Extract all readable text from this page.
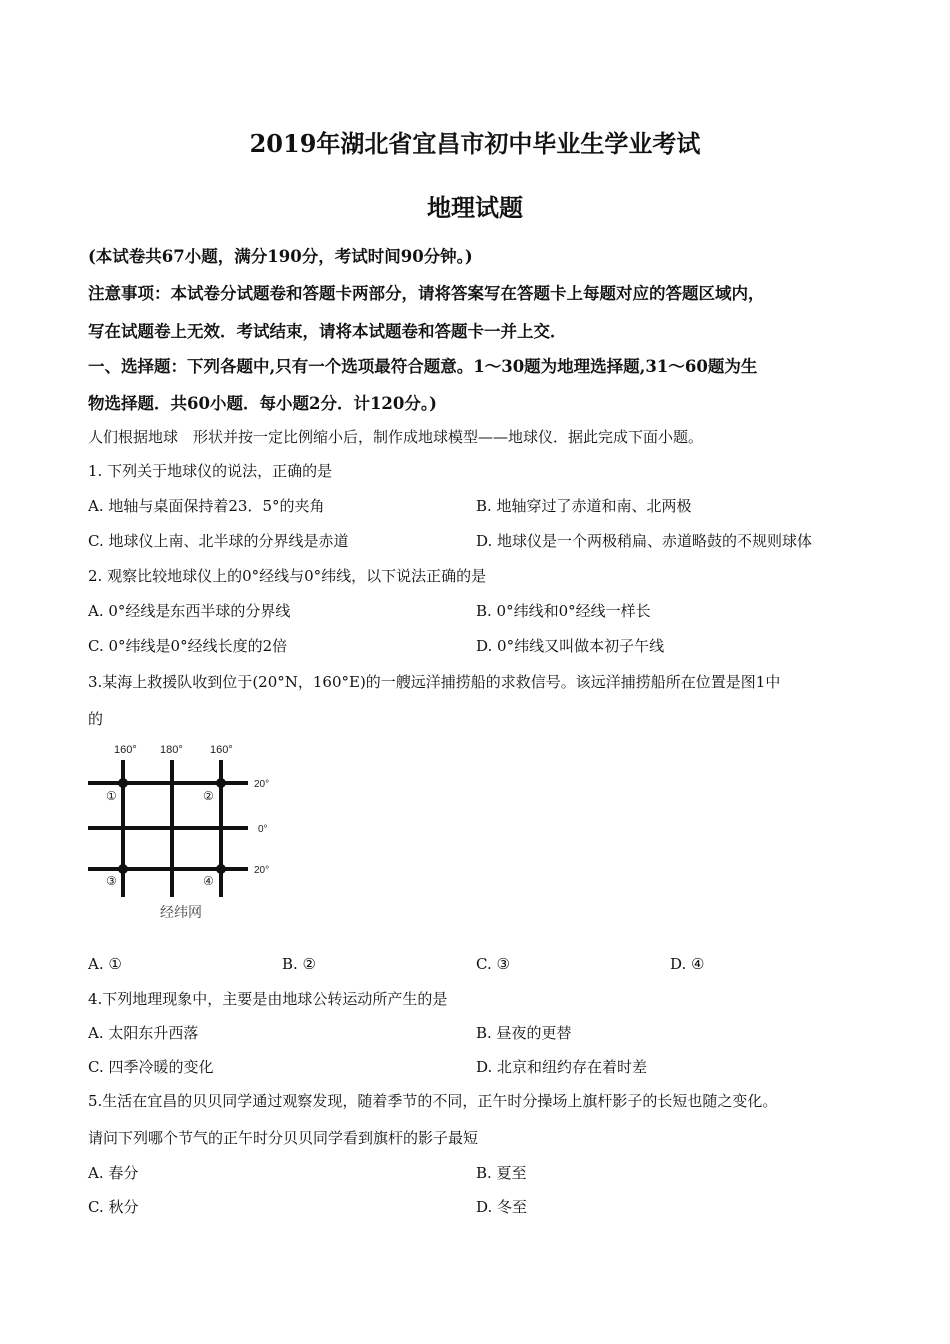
2019年湖北省宜昌市初中毕业生学业考试
地理试题
(本试卷共67小题，满分190分，考试时间90分钟。)
注意事项：本试卷分试题卷和答题卡两部分，请将答案写在答题卡上每题对应的答题区域内，
写在试题卷上无效．考试结束，请将本试题卷和答题卡一并上交．
一、选择题：下列各题中,只有一个选项最符合题意。1～30题为地理选择题,31～60题为生
物选择题．共60小题．每小题2分．计120分。)
人们根据地球　形状并按一定比例缩小后，制作成地球模型——地球仪．据此完成下面小题。
1. 下列关于地球仪的说法，正确的是
A. 地轴与桌面保持着23．5°的夹角	B. 地轴穿过了赤道和南、北两极
C. 地球仪上南、北半球的分界线是赤道	D. 地球仪是一个两极稍扁、赤道略鼓的不规则球体
2. 观察比较地球仪上的0°经线与0°纬线，以下说法正确的是
A. 0°经线是东西半球的分界线	B. 0°纬线和0°经线一样长
C. 0°纬线是0°经线长度的2倍	D. 0°纬线又叫做本初子午线
3.某海上救援队收到位于(20°N，160°E)的一艘远洋捕捞船的求救信号。该远洋捕捞船所在位置是图1中
的
160° 180° 160°
20°
0°
20°
①	②
③	④
经纬网
A. ①	B. ②	C. ③	D. ④
4.下列地理现象中，主要是由地球公转运动所产生的是
A. 太阳东升西落	B. 昼夜的更替
C. 四季冷暖的变化	D. 北京和纽约存在着时差
5.生活在宜昌的贝贝同学通过观察发现，随着季节的不同，正午时分操场上旗杆影子的长短也随之变化。
请问下列哪个节气的正午时分贝贝同学看到旗杆的影子最短
A. 春分	B. 夏至
C. 秋分	D. 冬至
